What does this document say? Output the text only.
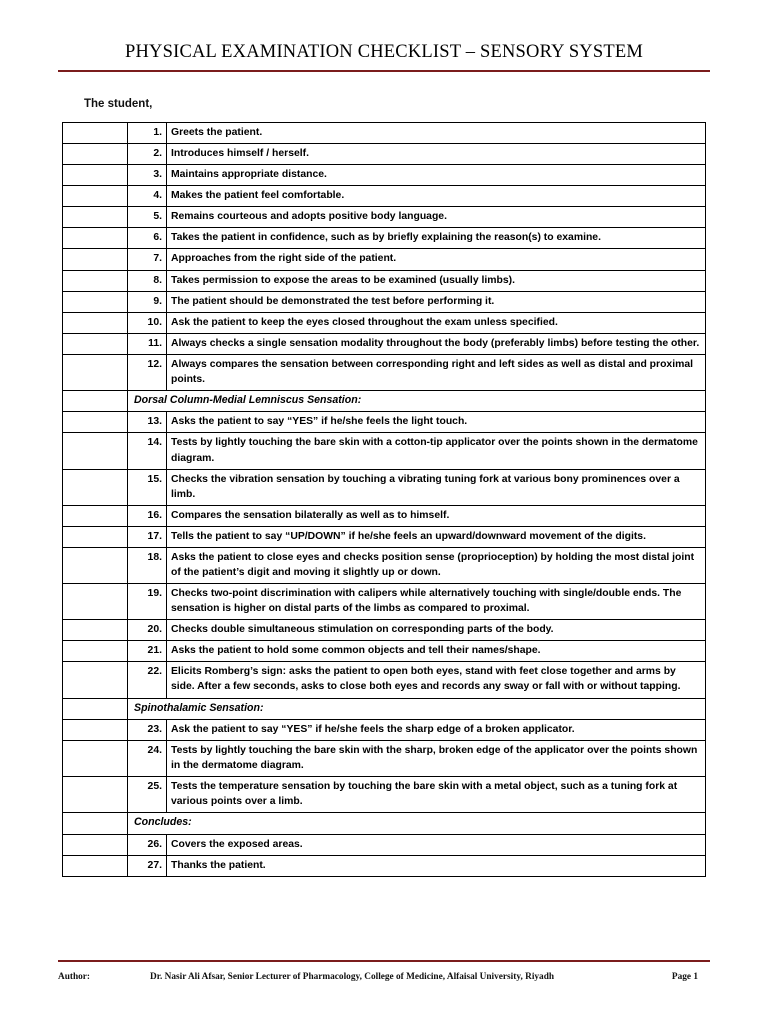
PHYSICAL EXAMINATION CHECKLIST – SENSORY SYSTEM
The student,
	1.	Greets the patient.
	2.	Introduces himself / herself.
	3.	Maintains appropriate distance.
	4.	Makes the patient feel comfortable.
	5.	Remains courteous and adopts positive body language.
	6.	Takes the patient in confidence, such as by briefly explaining the reason(s) to examine.
	7.	Approaches from the right side of the patient.
	8.	Takes permission to expose the areas to be examined (usually limbs).
	9.	The patient should be demonstrated the test before performing it.
	10.	Ask the patient to keep the eyes closed throughout the exam unless specified.
	11.	Always checks a single sensation modality throughout the body (preferably limbs) before testing the other.
	12.	Always compares the sensation between corresponding right and left sides as well as distal and proximal points.
	Dorsal Column-Medial Lemniscus Sensation:	
	13.	Asks the patient to say “YES” if he/she feels the light touch.
	14.	Tests by lightly touching the bare skin with a cotton-tip applicator over the points shown in the dermatome diagram.
	15.	Checks the vibration sensation by touching a vibrating tuning fork at various bony prominences over a limb.
	16.	Compares the sensation bilaterally as well as to himself.
	17.	Tells the patient to say “UP/DOWN” if he/she feels an upward/downward movement of the digits.
	18.	Asks the patient to close eyes and checks position sense (proprioception) by holding the most distal joint of the patient’s digit and moving it slightly up or down.
	19.	Checks two-point discrimination with calipers while alternatively touching with single/double ends. The sensation is higher on distal parts of the limbs as compared to proximal.
	20.	Checks double simultaneous stimulation on corresponding parts of the body.
	21.	Asks the patient to hold some common objects and tell their names/shape.
	22.	Elicits Romberg’s sign: asks the patient to open both eyes, stand with feet close together and arms by side. After a few seconds, asks to close both eyes and records any sway or fall with or without tapping.
	Spinothalamic Sensation:	
	23.	Ask the patient to say “YES” if he/she feels the sharp edge of a broken applicator.
	24.	Tests by lightly touching the bare skin with the sharp, broken edge of the applicator over the points shown in the dermatome diagram.
	25.	Tests the temperature sensation by touching the bare skin with a metal object, such as a tuning fork at various points over a limb.
	Concludes:	
	26.	Covers the exposed areas.
	27.	Thanks the patient.
Author:	Dr. Nasir Ali Afsar, Senior Lecturer of Pharmacology, College of Medicine, Alfaisal University, Riyadh	Page 1
